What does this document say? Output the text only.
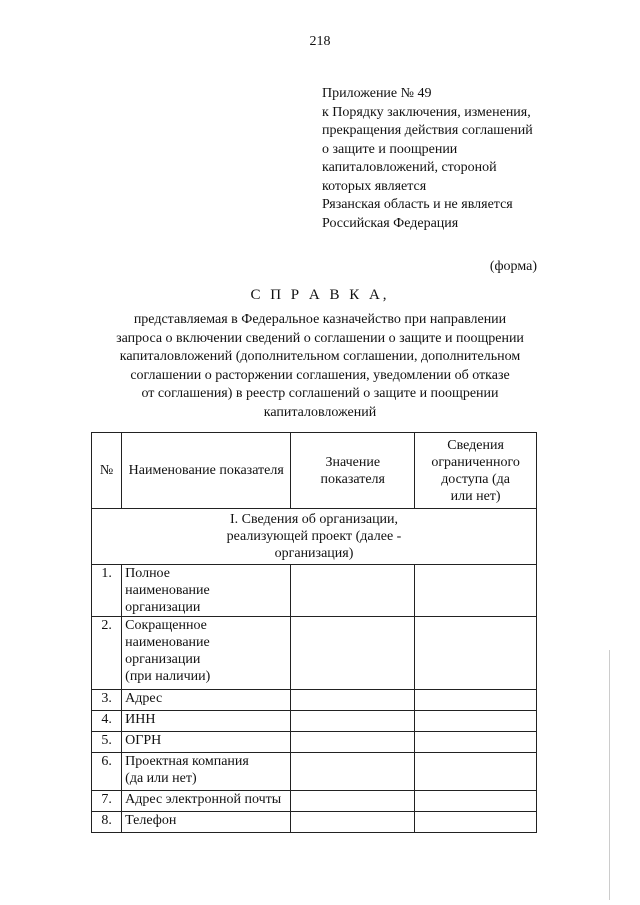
218
Приложение № 49
к Порядку заключения, изменения,
прекращения действия соглашений
о защите и поощрении
капиталовложений, стороной
которых является
Рязанская область и не является
Российская Федерация
(форма)
С П Р А В К А,
представляемая в Федеральное казначейство при направлении
запроса о включении сведений о соглашении о защите и поощрении
капиталовложений (дополнительном соглашении, дополнительном
соглашении о расторжении соглашения, уведомлении об отказе
от соглашения) в реестр соглашений о защите и поощрении
капиталовложений
№	Наименование показателя	Значение показателя	Сведения ограниченного доступа (да или нет)
I. Сведения об организации, реализующей проект (далее - организация)			
1.	Полное наименование организации		
2.	Сокращенное наименование организации (при наличии)		
3.	Адрес		
4.	ИНН		
5.	ОГРН		
6.	Проектная компания (да или нет)		
7.	Адрес электронной почты		
8.	Телефон		
